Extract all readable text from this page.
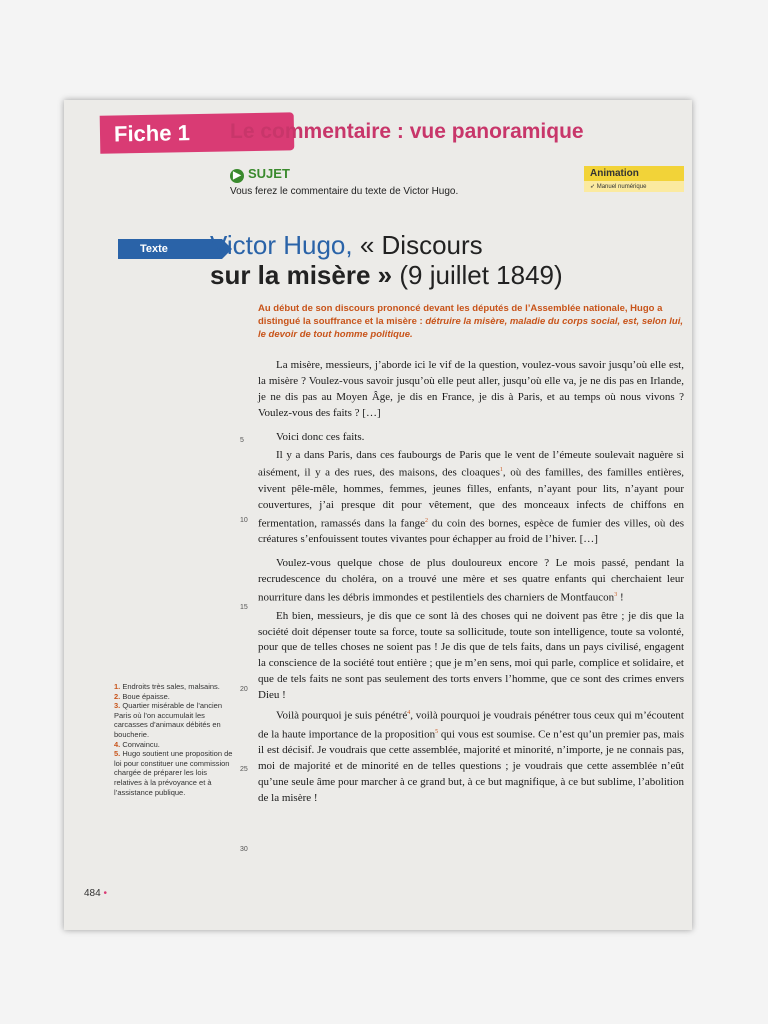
Fiche 1	Le commentaire : vue panoramique
▶ SUJET
Vous ferez le commentaire du texte de Victor Hugo.
Animation
➶ Manuel numérique
Texte	Victor Hugo, « Discours
sur la misère » (9 juillet 1849)
Au début de son discours prononcé devant les députés de l’Assemblée nationale, Hugo a distingué la souffrance et la misère : détruire la misère, maladie du corps social, est, selon lui, le devoir de tout homme politique.

La misère, messieurs, j’aborde ici le vif de la question, voulez-vous savoir jusqu’où elle est, la misère ? Voulez-vous savoir jusqu’où elle peut aller, jusqu’où elle va, je ne dis pas en Irlande, je ne dis pas au Moyen Âge, je dis en France, je dis à Paris, et au temps où nous vivons ? Voulez-vous des faits ? […]

Voici donc ces faits.

Il y a dans Paris, dans ces faubourgs de Paris que le vent de l’émeute soulevait naguère si aisément, il y a des rues, des maisons, des cloaques$^1$, où des familles, des familles entières, vivent pêle-mêle, hommes, femmes, jeunes filles, enfants, n’ayant pour lits, n’ayant pour couvertures, j’ai presque dit pour vêtement, que des monceaux infects de chiffons en fermentation, ramassés dans la fange$^2$ du coin des bornes, espèce de fumier des villes, où des créatures s’enfouissent toutes vivantes pour échapper au froid de l’hiver. […]

Voulez-vous quelque chose de plus douloureux encore ? Le mois passé, pendant la recrudescence du choléra, on a trouvé une mère et ses quatre enfants qui cherchaient leur nourriture dans les débris immondes et pestilentiels des charniers de Montfaucon$^3$ !

Eh bien, messieurs, je dis que ce sont là des choses qui ne doivent pas être ; je dis que la société doit dépenser toute sa force, toute sa sollicitude, toute son intelligence, toute sa volonté, pour que de telles choses ne soient pas ! Je dis que de tels faits, dans un pays civilisé, engagent la conscience de la société tout entière ; que je m’en sens, moi qui parle, complice et solidaire, et que de tels faits ne sont pas seulement des torts envers l’homme, que ce sont des crimes envers Dieu !

Voilà pourquoi je suis pénétré$^4$, voilà pourquoi je voudrais pénétrer tous ceux qui m’écoutent de la haute importance de la proposition$^5$ qui vous est soumise. Ce n’est qu’un premier pas, mais il est décisif. Je voudrais que cette assemblée, majorité et minorité, n’importe, je ne connais pas, moi de majorité et de minorité en de telles questions ; je voudrais que cette assemblée n’eût qu’une seule âme pour marcher à ce grand but, à ce but magnifique, à ce but sublime, l’abolition de la misère !

5
10
15
20
25
30
1. Endroits très sales, malsains.
2. Boue épaisse.
3. Quartier misérable de l’ancien Paris où l’on accumulait les carcasses d’animaux débités en boucherie.
4. Convaincu.
5. Hugo soutient une proposition de loi pour constituer une commission chargée de préparer les lois relatives à la prévoyance et à l’assistance publique.
484 •
